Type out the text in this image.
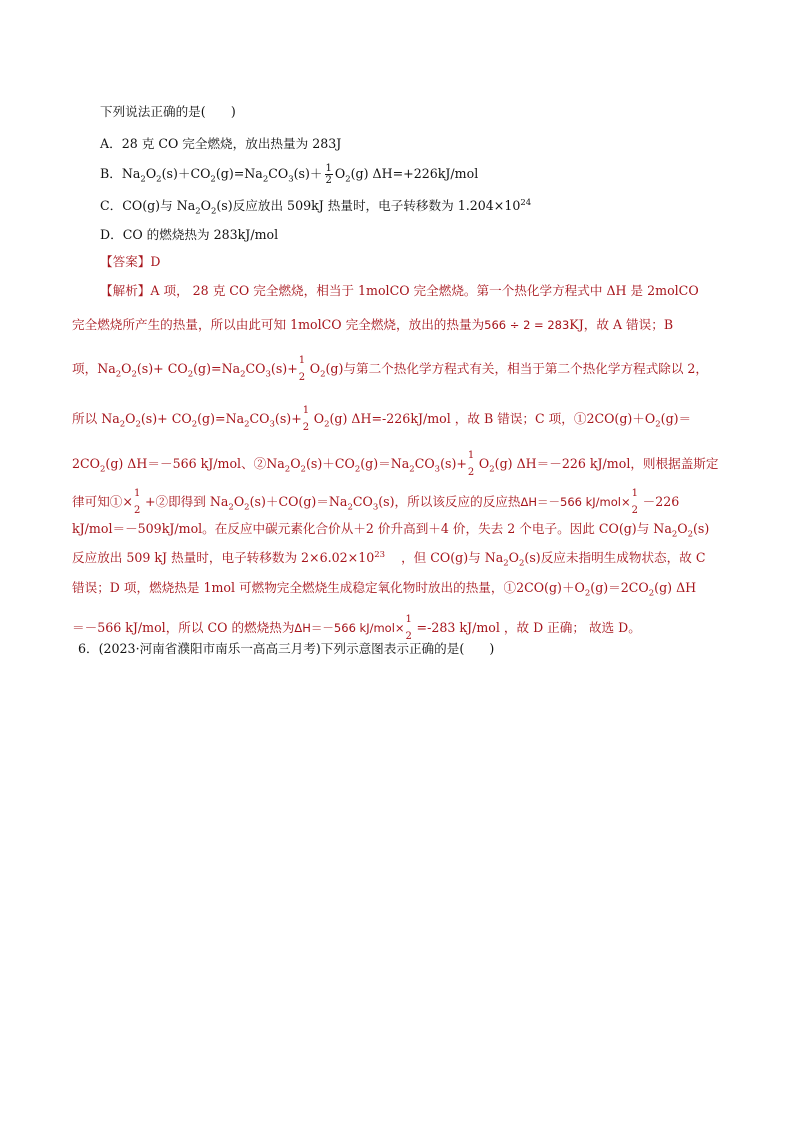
下列说法正确的是(　　)
A．28 克 CO 完全燃烧，放出热量为 283J
B．$Na_2O_2(s)+CO_2(g)=Na_2CO_3(s)+ \frac{1}{2} O_2(g)$ ΔH=+226kJ/mol
C．CO(g)与 $Na_2O_2(s)$反应放出 509kJ 热量时，电子转移数为 $1.204\times 10^{24}$
D．CO 的燃烧热为 283kJ/mol
【答案】D
【解析】A 项， 28 克 CO 完全燃烧，相当于 1molCO 完全燃烧。第一个热化学方程式中 ΔH 是 2molCO
完全燃烧所产生的热量，所以由此可知 1molCO 完全燃烧，放出的热量为566 ÷ 2 = 283KJ，故 A 错误；B
项，$Na_2O_2(s)+ CO_2(g)=Na_2CO_3(s)+$
1
2
$O_2(g)$与第二个热化学方程式有关，相当于第二个热化学方程式除以 2，
所以 $Na_2O_2(s)+ CO_2(g)=Na_2CO_3(s)+$
1
2
$O_2(g)$ ΔH=-226kJ/mol ，故 B 错误；C 项，$①2CO(g)+O_2(g)=$
$2CO_2(g)$ ΔH＝－566 kJ/mol、$②Na_2O_2(s)+CO_2(g)=Na_2CO_3(s)+$
1
2
$O_2(g)$ ΔH＝－226 kJ/mol，则根据盖斯定
律可知①×
1
2
+②即得到 $Na_2O_2(s)+CO(g)=Na_2CO_3(s)$，所以该反应的反应热ΔH＝－566 kJ/mol×
1
2
－226
kJ/mol＝－509kJ/mol。在反应中碳元素化合价从＋2 价升高到＋4 价，失去 2 个电子。因此 CO(g)与 $Na_2O_2(s)$
反应放出 509 kJ 热量时，电子转移数为 $2\times 6.02\times 10^{23}$ ，但 CO(g)与 $Na_2O_2(s)$反应未指明生成物状态，故 C
错误；D 项，燃烧热是 1mol 可燃物完全燃烧生成稳定氧化物时放出的热量，$①2CO(g)+O_2(g)=2CO_2(g)$ ΔH
＝－566 kJ/mol，所以 CO 的燃烧热为ΔH＝－566 kJ/mol×
1
2
=-283 kJ/mol ，故 D 正确； 故选 D。
6．(2023·河南省濮阳市南乐一高高三月考)下列示意图表示正确的是(　　)
